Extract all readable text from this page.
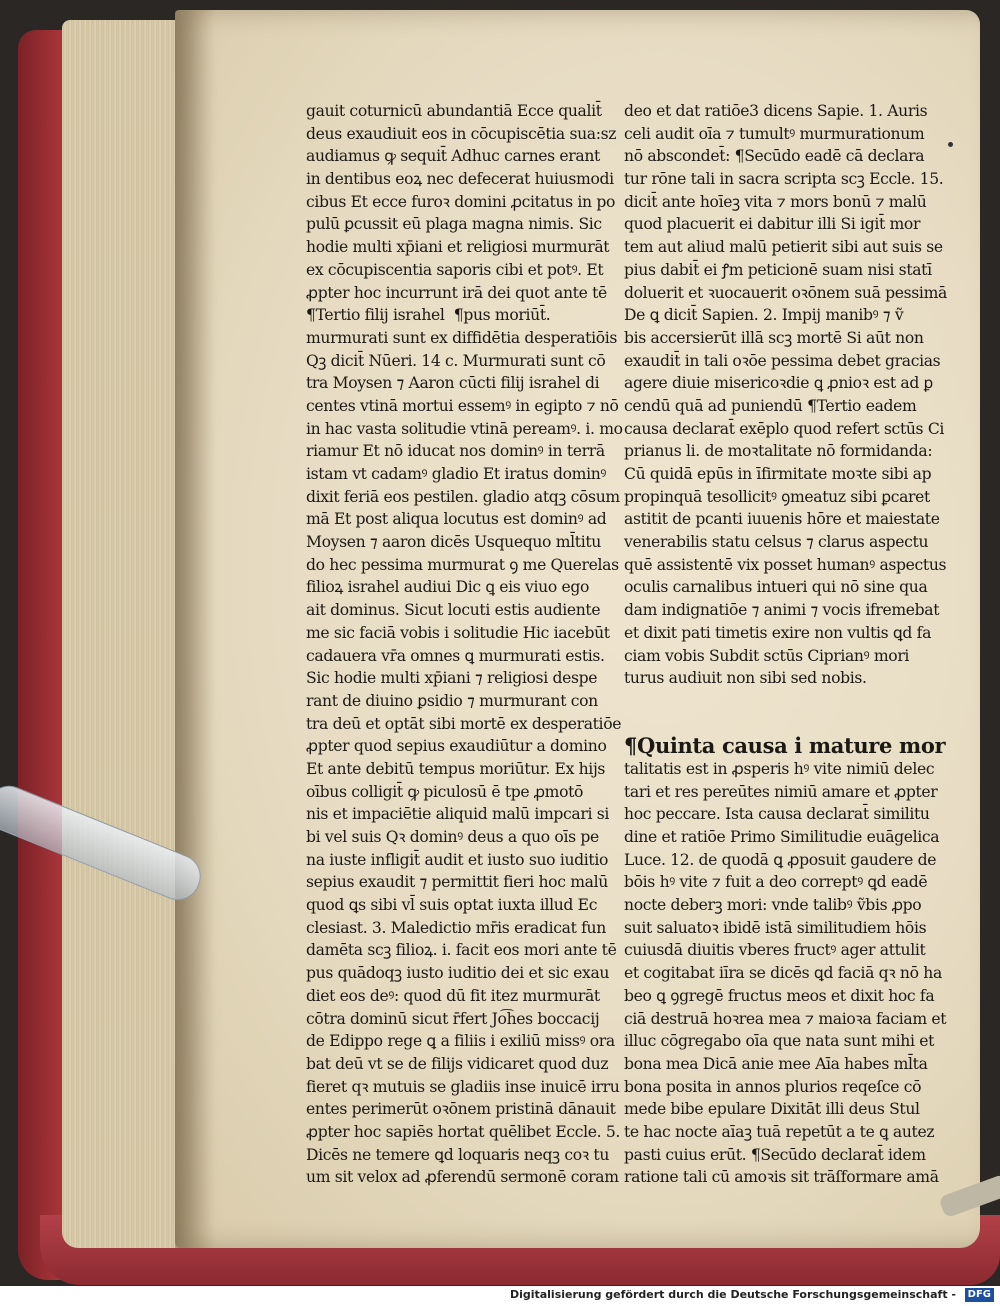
gauit coturnicū abundantiā Ecce qualit̄
deus exaudiuit eos in cōcupiscētia sua:sz
audiamus ꝙ sequit̄ Adhuc carnes erant
in dentibus eoꝝ nec defecerat huiusmodi
cibus Et ecce furoꝛ domini ꝓcitatus in po
pulū ꝑcussit eū plaga magna nimis. Sic
hodie multi xp̄iani et religiosi murmurāt
ex cōcupiscentia saporis cibi et potꝰ. Et
ꝓpter hoc incurrunt irā dei quot ante tē
¶Tertio filij israhel  ¶pus moriūt̄.
murmurati sunt ex diffidētia desperatiōis
Qꝫ dicit̄ Nūeri. 14 c. Murmurati sunt cō
tra Moysen ⁊ Aaron cūcti filij israhel di
centes vtinā mortui essemꝰ in egipto ⁊ nō
in hac vasta solitudie vtinā pereamꝰ. i. mo
riamur Et nō iducat nos dominꝰ in terrā
istam vt cadamꝰ gladio Et iratus dominꝰ
dixit feriā eos pestilen. gladio atqꝫ cōsum
mā Et post aliqua locutus est dominꝰ ad
Moysen ⁊ aaron dicēs Usquequo ml̄titu
do hec pessima murmurat ꝯ me Querelas
filioꝝ israhel audiui Dic ꝗ eis viuo ego
ait dominus. Sicut locuti estis audiente
me sic faciā vobis i solitudie Hic iacebūt
cadauera vr̄a omnes ꝗ murmurati estis.
Sic hodie multi xp̄iani ⁊ religiosi despe
rant de diuino ꝑsidio ⁊ murmurant con
tra deū et optāt sibi mortē ex desperatiōe
ꝓpter quod sepius exaudiūtur a domino
Et ante debitū tempus moriūtur. Ex hijs
oībus colligit̄ ꝙ piculosū ē tpe ꝓmotō
nis et impaciētie aliquid malū impcari si
bi vel suis Qꝛ dominꝰ deus a quo oīs pe
na iuste infligit̄ audit et iusto suo iuditio
sepius exaudit ⁊ permittit fieri hoc malū
quod ꝗs sibi vl̄ suis optat iuxta illud Ec
clesiast. 3. Maledictio mr̄is eradicat fun
damēta scꝫ filioꝝ. i. facit eos mori ante tē
pus quādoqꝫ iusto iuditio dei et sic exau
diet eos deꝰ: quod dū fit itez murmurāt
cōtra dominū sicut r̄fert Jo͡hes boccacij
de Edippo rege ꝗ a filiis i exiliū missꝰ ora
bat deū vt se de filijs vidicaret quod duz
fieret qꝛ mutuis se gladiis inse inuicē irru
entes perimerūt oꝛōnem pristinā dānauit
ꝓpter hoc sapiēs hortat quēlibet Eccle. 5.
Dicēs ne temere ꝗd loquaris neqꝫ coꝛ tu
um sit velox ad ꝓferendū sermonē coram
deo et dat ratiōe3 dicens Sapie. 1. Auris
celi audit oīa ⁊ tumultꝰ murmurationum
nō abscondet̄: ¶Secūdo eadē cā declara
tur rōne tali in sacra scripta scꝫ Eccle. 15.
dicit̄ ante hoīeꝫ vita ⁊ mors bonū ⁊ malū
quod placuerit ei dabitur illi Si igit̄ mor
tem aut aliud malū petierit sibi aut suis se
pius dabit̄ ei ꝭm peticionē suam nisi statī
doluerit et ꝛuocauerit oꝛōnem suā pessimā
De ꝗ dicit̄ Sapien. 2. Impij manibꝰ ⁊ ṽ
bis accersierūt illā scꝫ mortē Si aūt non
exaudit̄ in tali oꝛōe pessima debet gracias
agere diuie misericoꝛdie ꝗ ꝓnioꝛ est ad ꝑ
cendū quā ad puniendū ¶Tertio eadem
causa declarat̄ exēplo quod refert sctūs Ci
prianus li. de moꝛtalitate nō formidanda:
Cū quidā epūs in īfirmitate moꝛte sibi ap
propinquā tesollicitꝰ ꝯmeatuz sibi ꝑcaret
astitit de pcanti iuuenis hōre et maiestate
venerabilis statu celsus ⁊ clarus aspectu
quē assistentē vix posset humanꝰ aspectus
oculis carnalibus intueri qui nō sine qua
dam indignatiōe ⁊ animi ⁊ vocis ifremebat
et dixit pati timetis exire non vultis ꝗd fa
ciam vobis Subdit sctūs Ciprianꝰ mori
turus audiuit non sibi sed nobis.
¶Quinta causa i mature mor
talitatis est in ꝓsperis hꝰ vite nimiū delec
tari et res pereūtes nimiū amare et ꝓpter
hoc peccare. Ista causa declarat̄ similitu
dine et ratiōe Primo Similitudie euāgelica
Luce. 12. de quodā ꝗ ꝓposuit gaudere de
bōis hꝰ vite ⁊ fuit a deo correptꝰ ꝗd eadē
nocte deberꝫ mori: vnde talibꝰ ṽbis ꝓpo
suit saluatoꝛ ibidē istā similitudiem hōis
cuiusdā diuitis vberes fructꝰ ager attulit
et cogitabat iīra se dicēs ꝗd faciā qꝛ nō ha
beo ꝗ ꝯgregē fructus meos et dixit hoc fa
ciā destruā hoꝛrea mea ⁊ maioꝛa faciam et
illuc cōgregabo oīa que nata sunt mihi et
bona mea Dicā anie mee Aīa habes ml̄ta
bona posita in annos plurios reqeſce cō
mede bibe epulare Dixitāt illi deus Stul
te hac nocte aīaꝫ tuā repetūt a te ꝗ autez
pasti cuius erūt. ¶Secūdo declarat̄ idem
ratione tali cū amoꝛis sit trāſformare amā
Digitalisierung gefördert durch die Deutsche Forschungsgemeinschaft -	DFG
